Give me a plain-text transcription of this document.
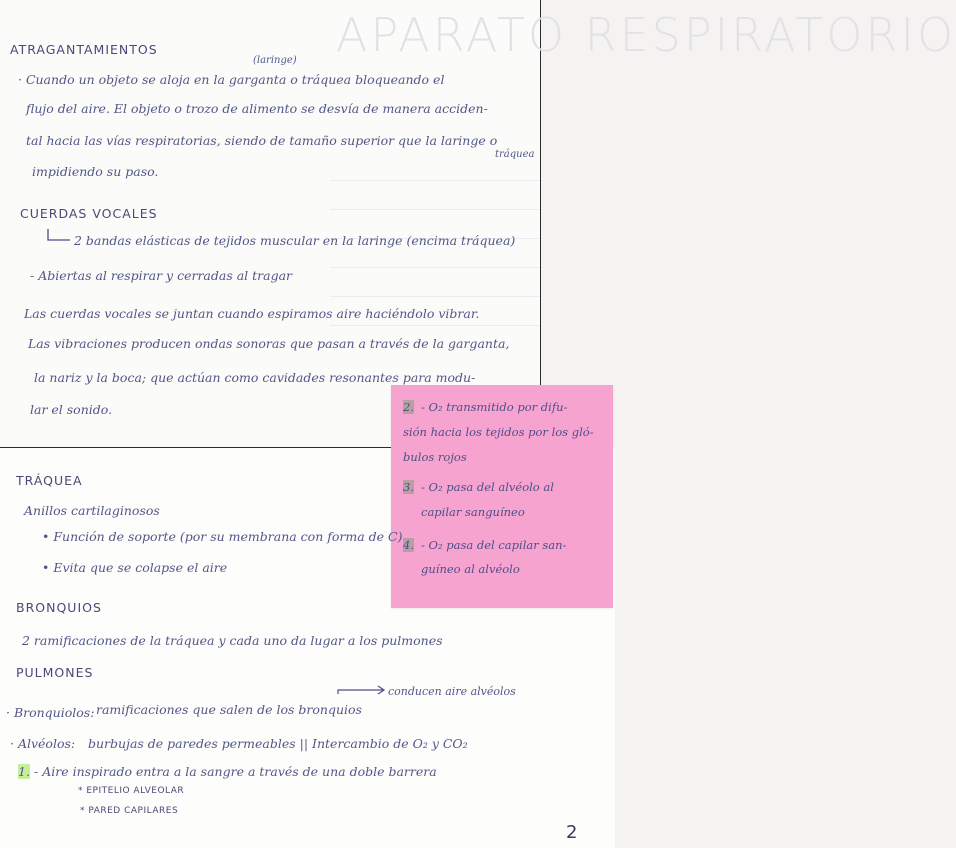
APARATO RESPIRATORIO
ATRAGANTAMIENTOS
(laringe)
· Cuando un objeto se aloja en la garganta o tráquea bloqueando el
flujo del aire. El objeto o trozo de alimento se desvía de manera acciden-
tal hacia las vías respiratorias, siendo de tamaño superior que la laringe o
tráquea
impidiendo su paso.
CUERDAS VOCALES
2 bandas elásticas de tejidos muscular en la laringe (encima tráquea)
- Abiertas al respirar y cerradas al tragar
Las cuerdas vocales se juntan cuando espiramos aire haciéndolo vibrar.
Las vibraciones producen ondas sonoras que pasan a través de la garganta,
la nariz y la boca; que actúan como cavidades resonantes para modu-
lar el sonido.	2. - O₂ transmitido por difu-
sión hacia los tejidos por los gló-
bulos rojos
3. - O₂ pasa del alvéolo al
capilar sanguíneo
4. - O₂ pasa del capilar san-
guíneo al alvéolo
TRÁQUEA
Anillos cartilaginosos
• Función de soporte (por su membrana con forma de C)
• Evita que se colapse el aire
BRONQUIOS
2 ramificaciones de la tráquea y cada uno da lugar a los pulmones
PULMONES
conducen aire alvéolos
· Bronquiolos: ramificaciones que salen de los bronquios
· Alvéolos: burbujas de paredes permeables || Intercambio de O₂ y CO₂
1. - Aire inspirado entra a la sangre a través de una doble barrera
* EPITELIO ALVEOLAR
* PARED CAPILARES
2
